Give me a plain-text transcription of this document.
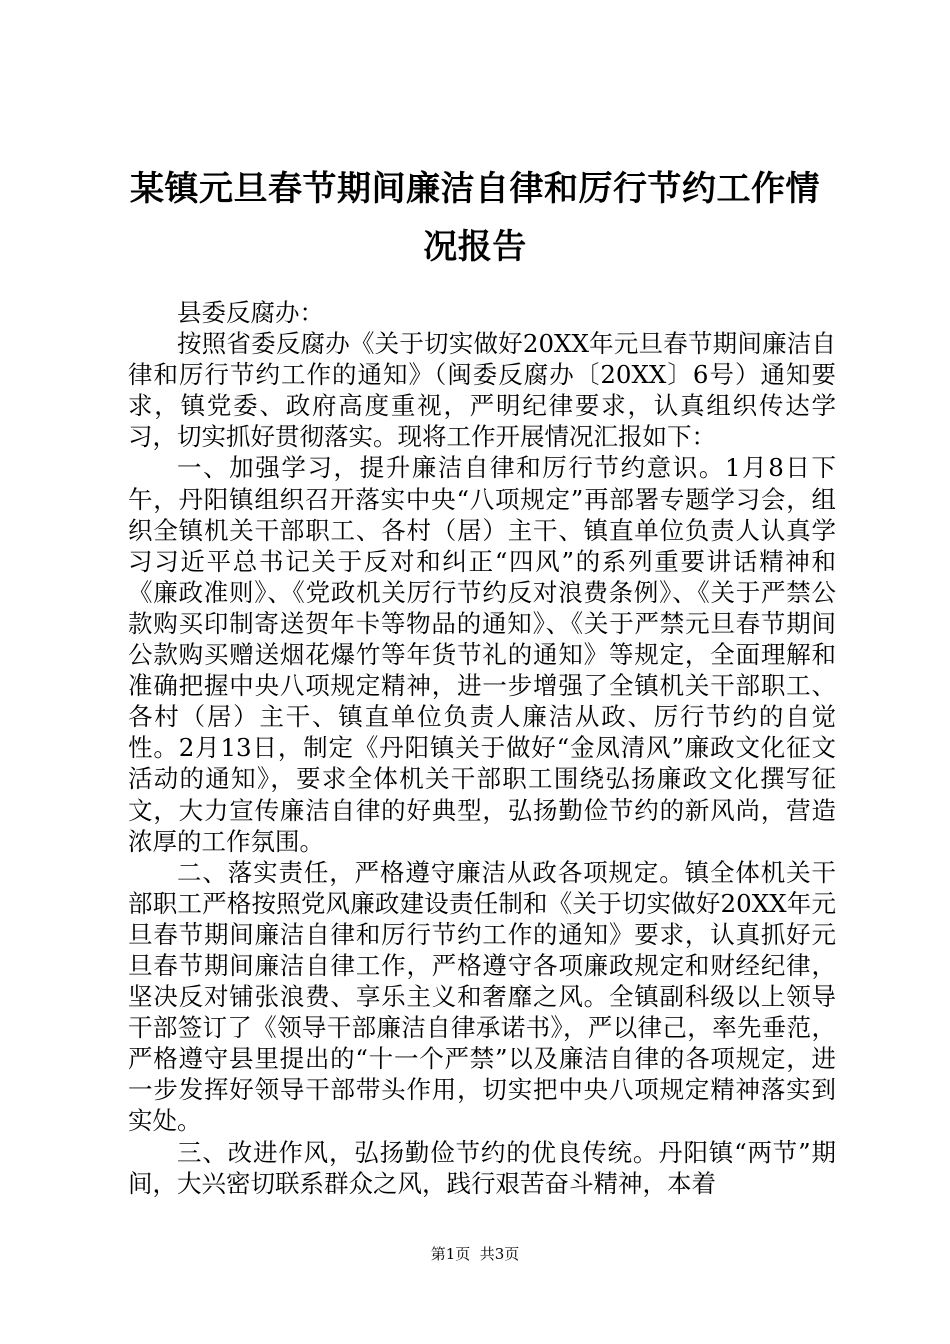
某镇元旦春节期间廉洁自律和厉行节约工作情
况报告

县委反腐办：

按照省委反腐办《关于切实做好20XX年元旦春节期间廉洁自律和厉行节约工作的通知》（闽委反腐办〔20XX〕6号）通知要求，镇党委、政府高度重视，严明纪律要求，认真组织传达学习，切实抓好贯彻落实。现将工作开展情况汇报如下：

一、加强学习，提升廉洁自律和厉行节约意识。1月8日下午，丹阳镇组织召开落实中央“八项规定”再部署专题学习会，组织全镇机关干部职工、各村（居）主干、镇直单位负责人认真学习习近平总书记关于反对和纠正“四风”的系列重要讲话精神和《廉政准则》、《党政机关厉行节约反对浪费条例》、《关于严禁公款购买印制寄送贺年卡等物品的通知》、《关于严禁元旦春节期间公款购买赠送烟花爆竹等年货节礼的通知》等规定，全面理解和准确把握中央八项规定精神，进一步增强了全镇机关干部职工、各村（居）主干、镇直单位负责人廉洁从政、厉行节约的自觉性。2月13日，制定《丹阳镇关于做好“金凤清风”廉政文化征文活动的通知》，要求全体机关干部职工围绕弘扬廉政文化撰写征文，大力宣传廉洁自律的好典型，弘扬勤俭节约的新风尚，营造浓厚的工作氛围。

二、落实责任，严格遵守廉洁从政各项规定。镇全体机关干部职工严格按照党风廉政建设责任制和《关于切实做好20XX年元旦春节期间廉洁自律和厉行节约工作的通知》要求，认真抓好元旦春节期间廉洁自律工作，严格遵守各项廉政规定和财经纪律，坚决反对铺张浪费、享乐主义和奢靡之风。全镇副科级以上领导干部签订了《领导干部廉洁自律承诺书》，严以律己，率先垂范，严格遵守县里提出的“十一个严禁”以及廉洁自律的各项规定，进一步发挥好领导干部带头作用，切实把中央八项规定精神落实到实处。

三、改进作风，弘扬勤俭节约的优良传统。丹阳镇“两节”期间，大兴密切联系群众之风，践行艰苦奋斗精神，本着

第1页  共3页
